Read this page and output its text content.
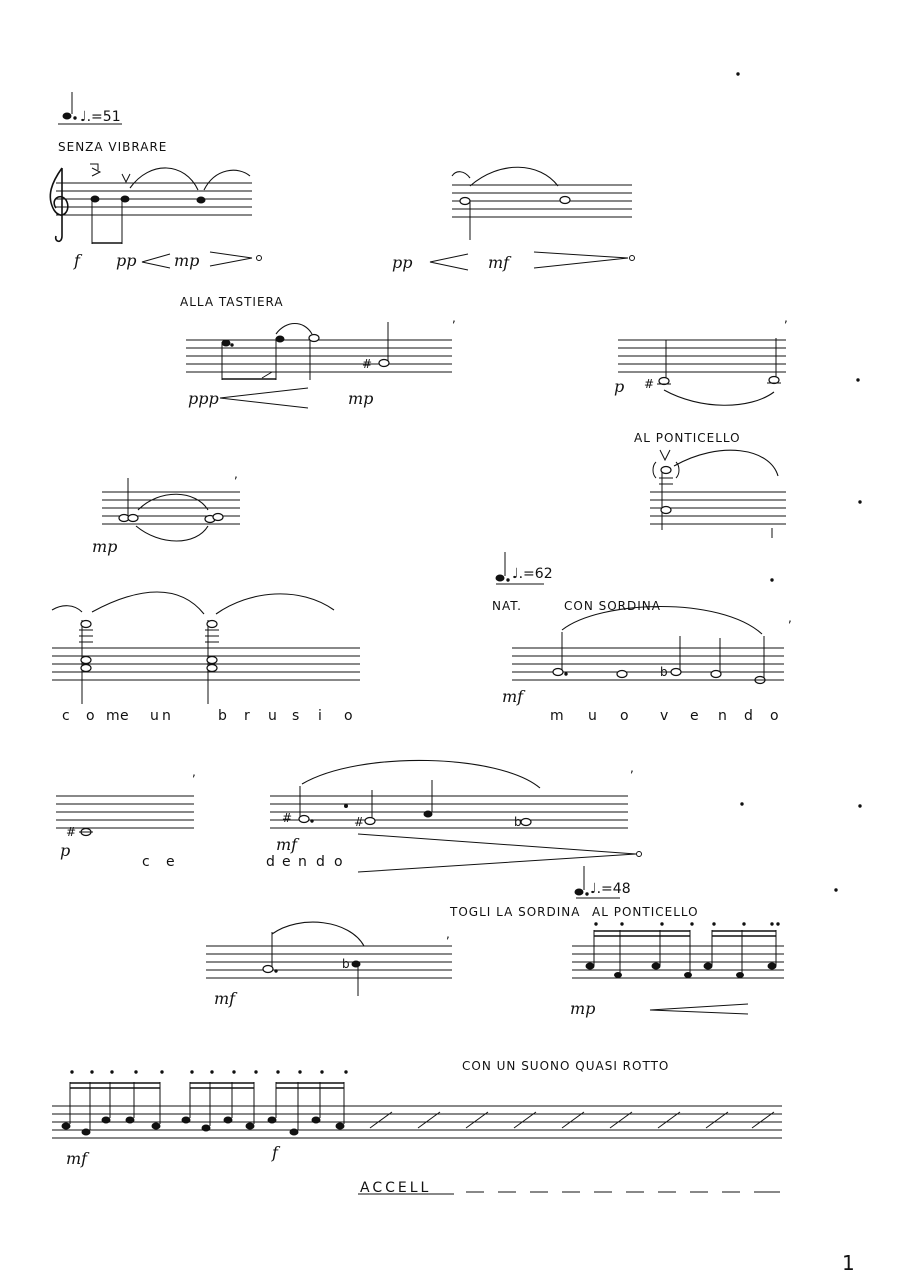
♩.=51
SENZA VIBRARE
f pp mp	pp	mf
ALLA TASTIERA
#
,
ppp	mp
#
,
p
AL PONTICELLO
,
mp
♩.=62
c o m
e u n	b r u s i o
NAT.	CON SORDINA
b
,
mf
m u o v e n d o
#
,
p
c e
#	#	b
,
mf
d e n d o
♩.=48
TOGLI LA SORDINA AL PONTICELLO
b
,
mf
mp
CON UN SUONO QUASI ROTTO
mf	f
ACCELL
1
